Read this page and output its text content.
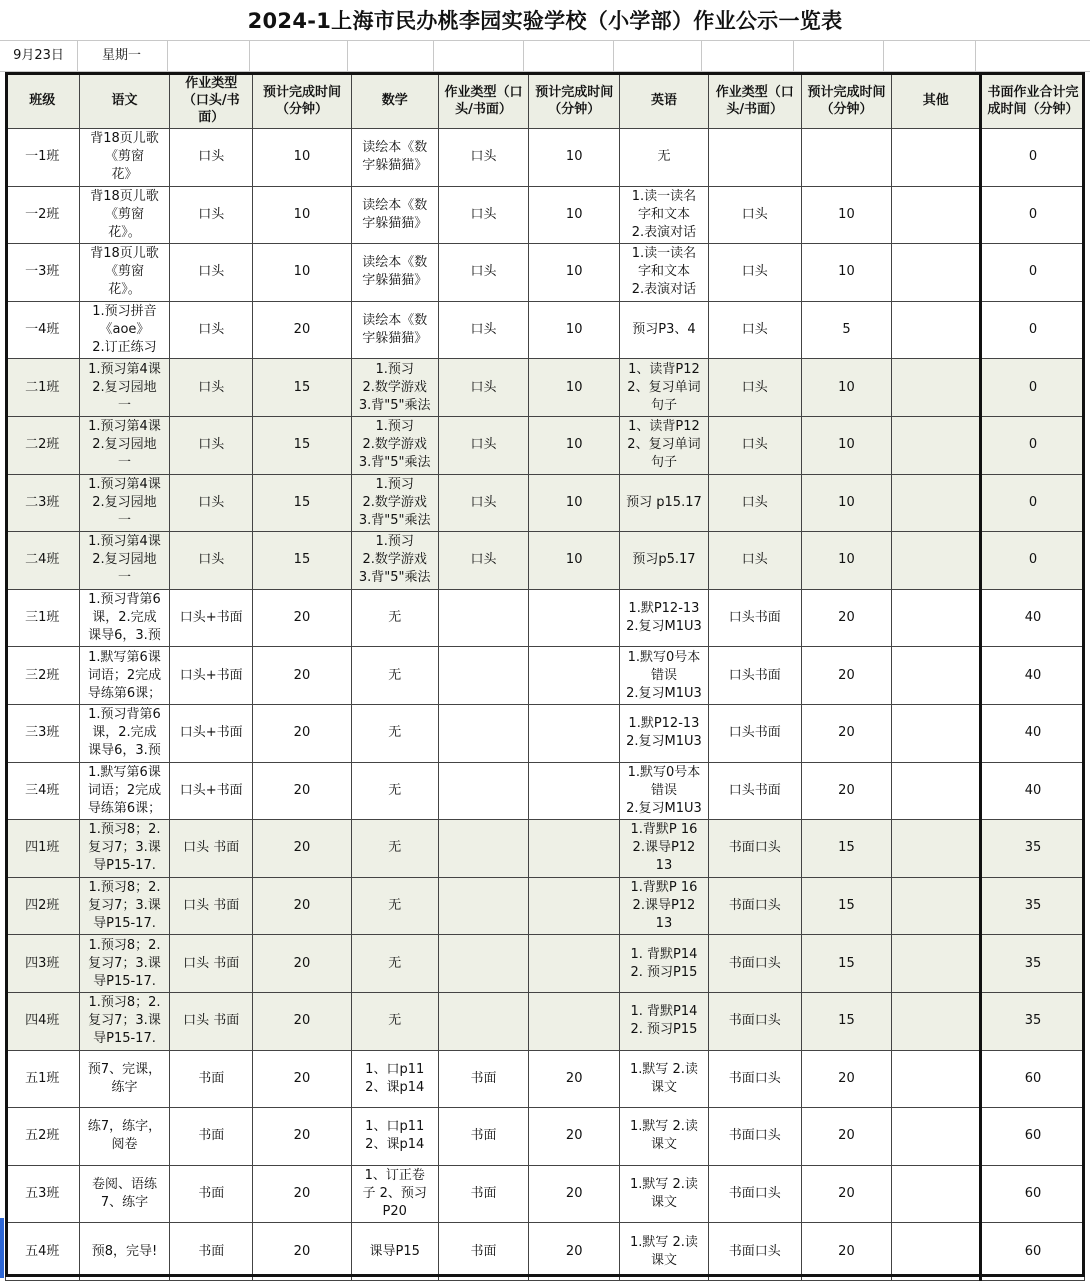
2024-1上海市民办桃李园实验学校（小学部）作业公示一览表
9月23日	星期一
班级	语文	作业类型（口头/书面）	预计完成时间（分钟）	数学	作业类型（口头/书面）	预计完成时间（分钟）	英语	作业类型（口头/书面）	预计完成时间（分钟）	其他	书面作业合计完成时间（分钟）

一1班	背18页儿歌
《剪窗
花》	口头	10	读绘本《数
字躲猫猫》	口头	10	无				0

一2班	背18页儿歌
《剪窗
花》。	口头	10	读绘本《数
字躲猫猫》	口头	10	1.读一读名
字和文本
2.表演对话	口头	10		0

一3班	背18页儿歌
《剪窗
花》。	口头	10	读绘本《数
字躲猫猫》	口头	10	1.读一读名
字和文本
2.表演对话	口头	10		0

一4班	1.预习拼音
《aoe》
2.订正练习	口头	20	读绘本《数
字躲猫猫》	口头	10	预习P3、4	口头	5		0

二1班	1.预习第4课
2.复习园地
一	口头	15	1.预习
2.数学游戏
3.背"5"乘法	口头	10	1、读背P12
2、复习单词
句子	口头	10		0

二2班	1.预习第4课
2.复习园地
一	口头	15	1.预习
2.数学游戏
3.背"5"乘法	口头	10	1、读背P12
2、复习单词
句子	口头	10		0

二3班	1.预习第4课
2.复习园地
一	口头	15	1.预习
2.数学游戏
3.背"5"乘法	口头	10	预习 p15.17	口头	10		0

二4班	1.预习第4课
2.复习园地
一	口头	15	1.预习
2.数学游戏
3.背"5"乘法	口头	10	预习p5.17	口头	10		0

三1班	1.预习背第6
课，2.完成
课导6，3.预	口头+书面	20	无			1.默P12-13
2.复习M1U3	口头书面	20		40

三2班	1.默写第6课
词语；2完成
导练第6课；	口头+书面	20	无			1.默写0号本
错误
2.复习M1U3	口头书面	20		40

三3班	1.预习背第6
课，2.完成
课导6，3.预	口头+书面	20	无			1.默P12-13
2.复习M1U3	口头书面	20		40

三4班	1.默写第6课
词语；2完成
导练第6课；	口头+书面	20	无			1.默写0号本
错误
2.复习M1U3	口头书面	20		40

四1班	1.预习8；2.
复习7；3.课
导P15-17.	口头 书面	20	无			1.背默P 16
2.课导P12
13	书面口头	15		35

四2班	1.预习8；2.
复习7；3.课
导P15-17.	口头 书面	20	无			1.背默P 16
2.课导P12
13	书面口头	15		35

四3班	1.预习8；2.
复习7；3.课
导P15-17.	口头 书面	20	无			1. 背默P14
2. 预习P15	书面口头	15		35

四4班	1.预习8；2.
复习7；3.课
导P15-17.	口头 书面	20	无			1. 背默P14
2. 预习P15	书面口头	15		35

五1班	预7、完课，
练字	书面	20	1、口p11
2、课p14	书面	20	1.默写 2.读
课文	书面口头	20		60

五2班	练7，练字，
阅卷	书面	20	1、口p11
2、课p14	书面	20	1.默写 2.读
课文	书面口头	20		60

五3班	卷阅、语练
7、练字	书面	20	1、订正卷
子 2、预习
P20	书面	20	1.默写 2.读
课文	书面口头	20		60

五4班	预8，完导!	书面	20	课导P15	书面	20	1.默写 2.读
课文	书面口头	20		60
